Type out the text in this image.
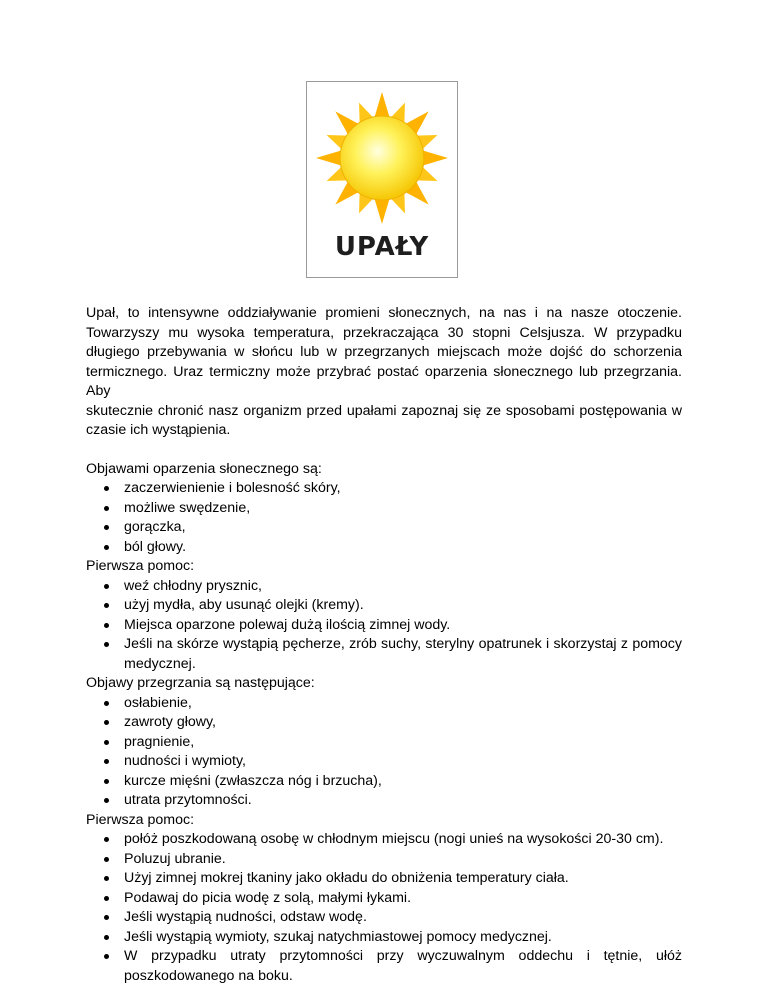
UPAŁY
Upał, to intensywne oddziaływanie promieni słonecznych, na nas i na nasze otoczenie.
Towarzyszy mu wysoka temperatura, przekraczająca 30 stopni Celsjusza. W przypadku
długiego przebywania w słońcu lub w przegrzanych miejscach może dojść do schorzenia
termicznego. Uraz termiczny może przybrać postać oparzenia słonecznego lub przegrzania. Aby
skutecznie chronić nasz organizm przed upałami zapoznaj się ze sposobami postępowania w
czasie ich wystąpienia.
Objawami oparzenia słonecznego są:
zaczerwienienie i bolesność skóry,
możliwe swędzenie,
gorączka,
ból głowy.
Pierwsza pomoc:
weź chłodny prysznic,
użyj mydła, aby usunąć olejki (kremy).
Miejsca oparzone polewaj dużą ilością zimnej wody.
Jeśli na skórze wystąpią pęcherze, zrób suchy, sterylny opatrunek i skorzystaj z pomocy
medycznej.
Objawy przegrzania są następujące:
osłabienie,
zawroty głowy,
pragnienie,
nudności i wymioty,
kurcze mięśni (zwłaszcza nóg i brzucha),
utrata przytomności.
Pierwsza pomoc:
połóż poszkodowaną osobę w chłodnym miejscu (nogi unieś na wysokości 20-30 cm).
Poluzuj ubranie.
Użyj zimnej mokrej tkaniny jako okładu do obniżenia temperatury ciała.
Podawaj do picia wodę z solą, małymi łykami.
Jeśli wystąpią nudności, odstaw wodę.
Jeśli wystąpią wymioty, szukaj natychmiastowej pomocy medycznej.
W przypadku utraty przytomności przy wyczuwalnym oddechu i tętnie, ułóż
poszkodowanego na boku.
